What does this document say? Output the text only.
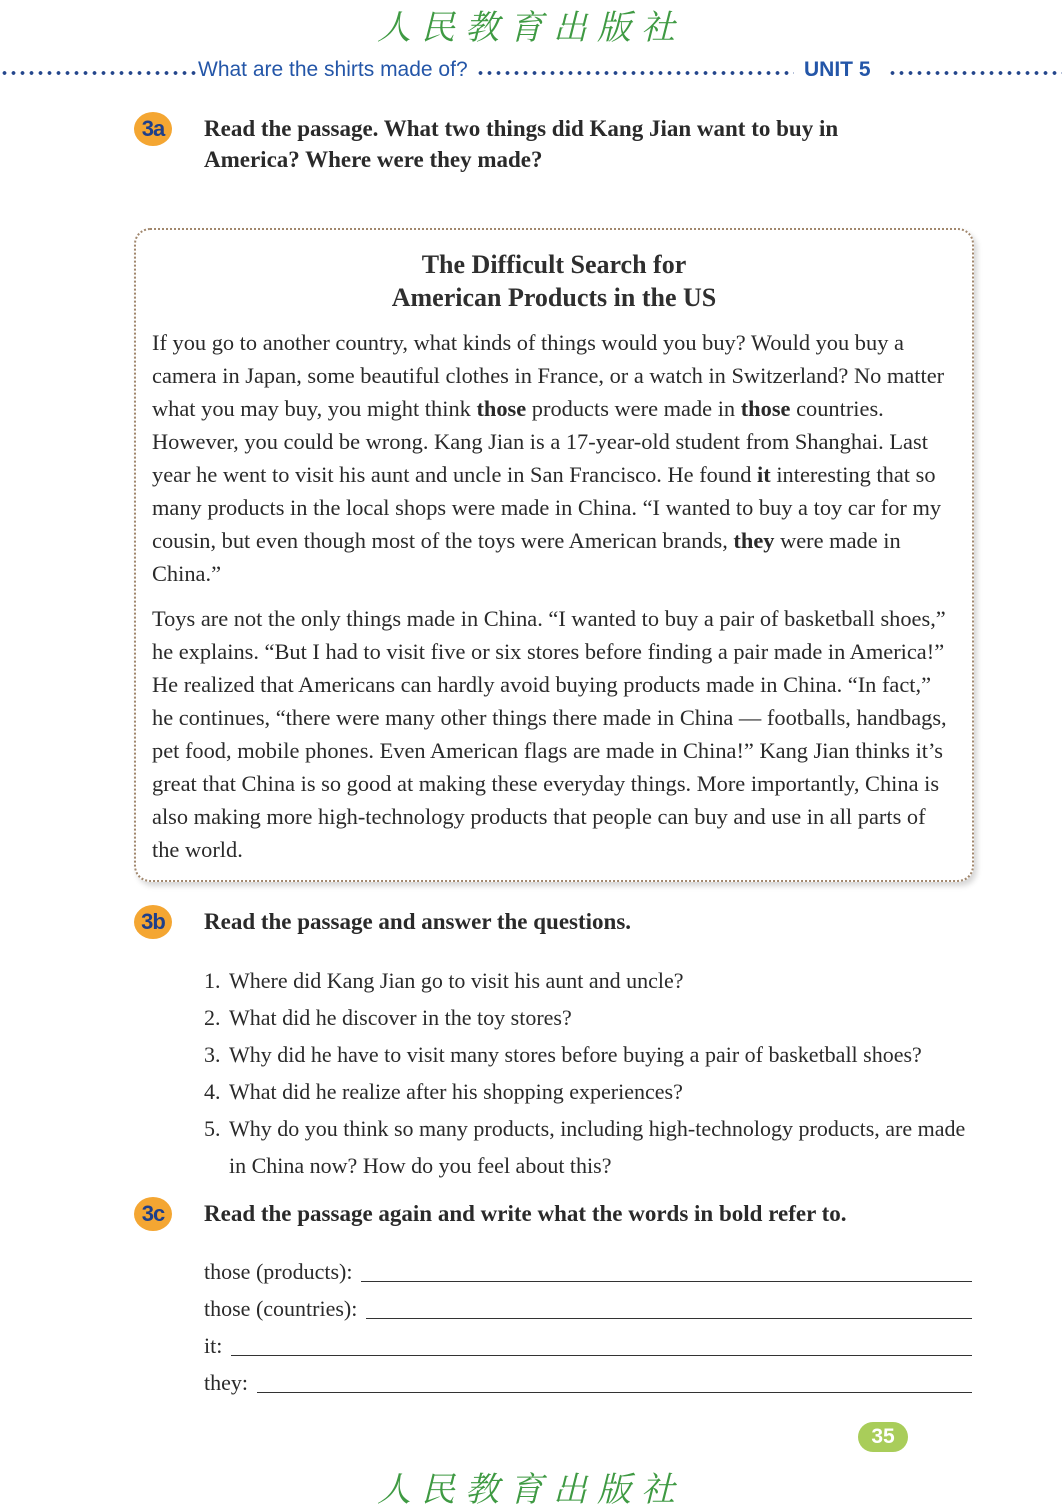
人民教育出版社
What are the shirts made of?	UNIT 5
3a	Read the passage. What two things did Kang Jian want to buy in
America? Where were they made?
The Difficult Search for
American Products in the US

If you go to another country, what kinds of things would you buy? Would you buy a camera in Japan, some beautiful clothes in France, or a watch in Switzerland? No matter what you may buy, you might think those products were made in those countries. However, you could be wrong. Kang Jian is a 17-year-old student from Shanghai. Last year he went to visit his aunt and uncle in San Francisco. He found it interesting that so many products in the local shops were made in China. “I wanted to buy a toy car for my cousin, but even though most of the toys were American brands, they were made in China.”

Toys are not the only things made in China. “I wanted to buy a pair of basketball shoes,” he explains. “But I had to visit five or six stores before finding a pair made in America!” He realized that Americans can hardly avoid buying products made in China. “In fact,” he continues, “there were many other things there made in China — footballs, handbags, pet food, mobile phones. Even American flags are made in China!” Kang Jian thinks it’s great that China is so good at making these everyday things. More importantly, China is also making more high-technology products that people can buy and use in all parts of the world.

3b	Read the passage and answer the questions.
1. Where did Kang Jian go to visit his aunt and uncle?
2. What did he discover in the toy stores?
3. Why did he have to visit many stores before buying a pair of basketball shoes?
4. What did he realize after his shopping experiences?
5. Why do you think so many products, including high-technology products, are made in China now? How do you feel about this?
3c	Read the passage again and write what the words in bold refer to.
those (products):
those (countries):
it:
they:
35
人民教育出版社
